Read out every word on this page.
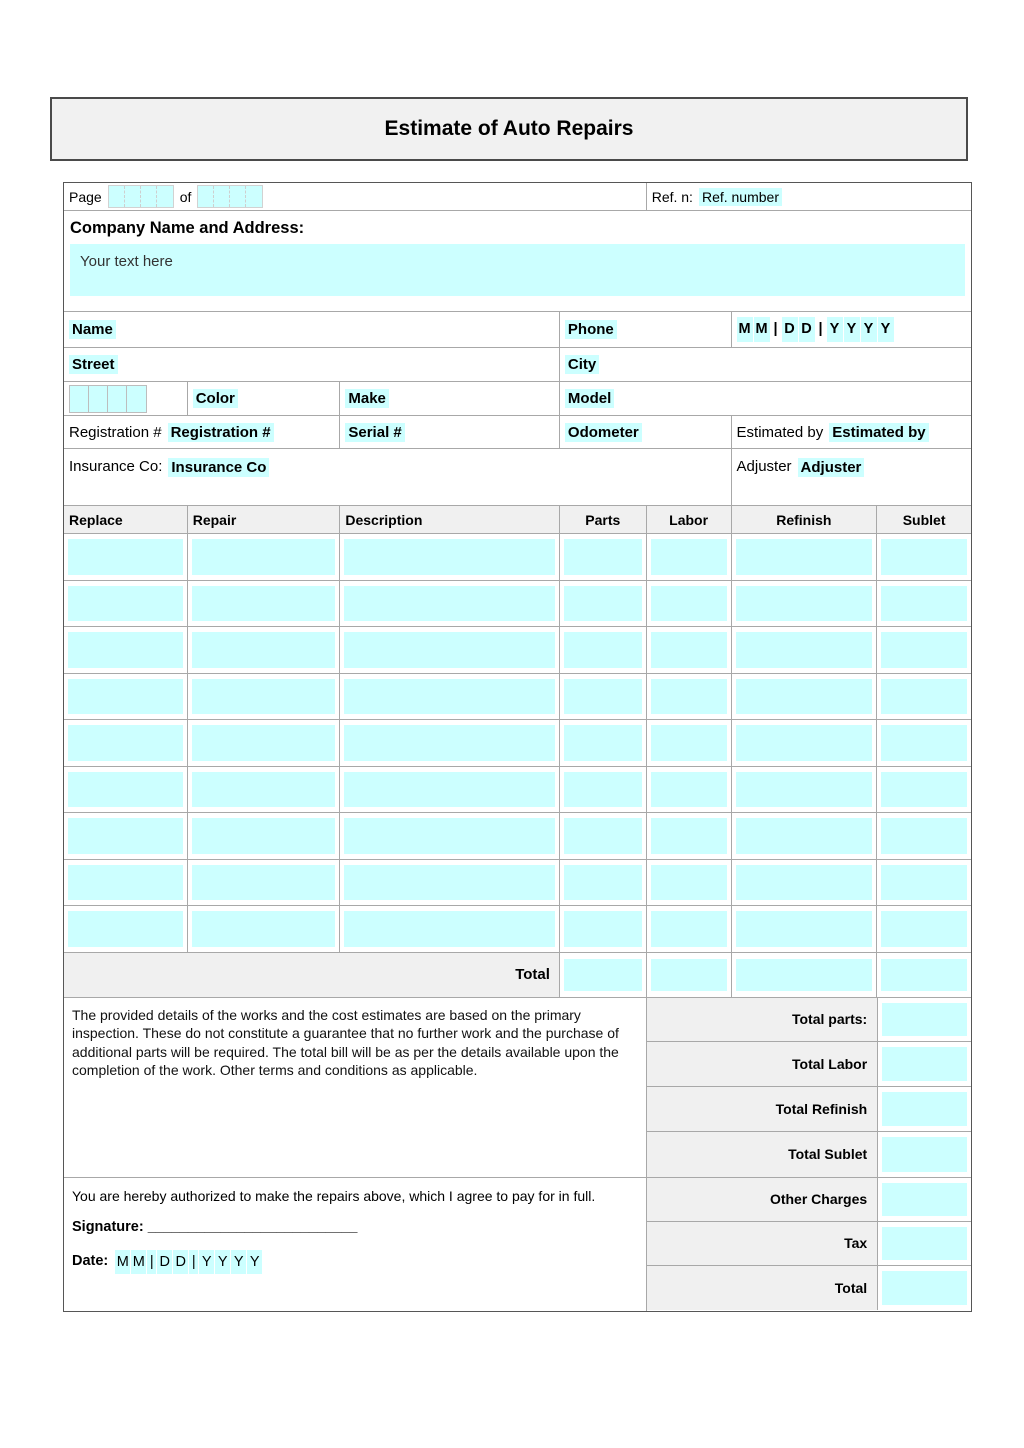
Estimate of Auto Repairs
Page	of	Ref. n: Ref. number
Company Name and Address:
Your text here
Name	Phone	M M | D D | Y Y Y Y
Street	City
Color	Make	Model
Registration # Registration #	Serial #	Odometer	Estimated by Estimated by
Insurance Co: Insurance Co	Adjuster Adjuster
Replace	Repair	Description	Parts	Labor	Refinish	Sublet
Total
The provided details of the works and the cost estimates are based on the primary inspection. These do not constitute a guarantee that no further work and the purchase of additional parts will be required. The total bill will be as per the details available upon the completion of the work. Other terms and conditions as applicable.
Total parts:
Total Labor
Total Refinish
Total Sublet
You are hereby authorized to make the repairs above, which I agree to pay for in full.
Signature: __________________________
Date: M M | D D | Y Y Y Y
Other Charges
Tax
Total
